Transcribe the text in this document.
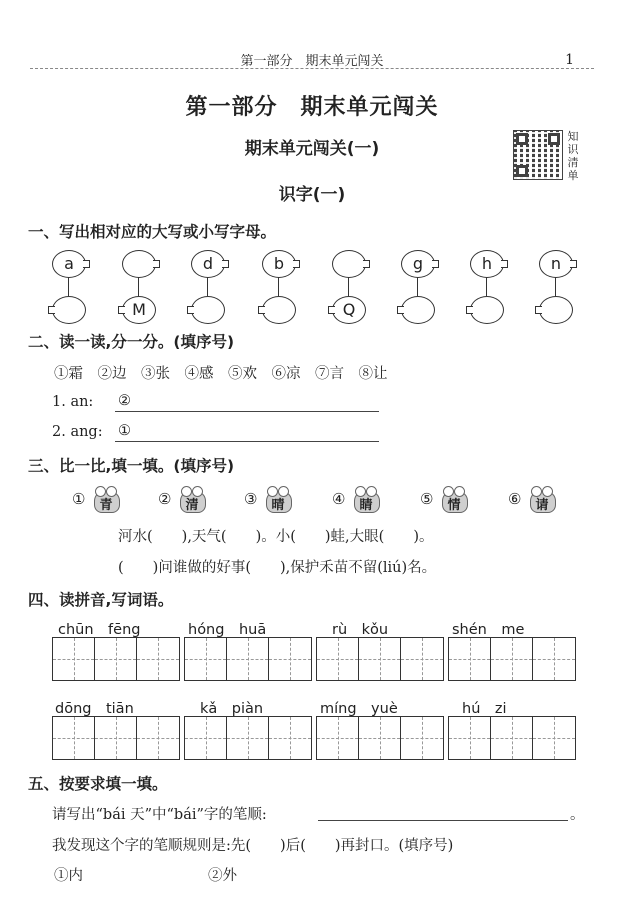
第一部分　期末单元闯关	1
第一部分　期末单元闯关
期末单元闯关(一)
识字(一)
知
识
清
单
一、写出相对应的大写或小写字母。
a	d	b	g	h	n
M	Q
二、读一读,分一分。(填序号)
①霜　②边　③张　④感　⑤欢　⑥凉　⑦言　⑧让
1. an: ②
2. ang: ①
三、比一比,填一填。(填序号)
①	青	②	清	③	晴	④	睛	⑤	情	⑥	请
河水(　　),天气(　　)。小(　　)蛙,大眼(　　)。
(　　)问谁做的好事(　　),保护禾苗不留(liú)名。
四、读拼音,写词语。
chūn　fēng	hóng　huā	rù　kǒu	shén　me
dōng　tiān	kǎ　piàn	míng　yuè	hú　zi
五、按要求填一填。
请写出“bái 天”中“bái”字的笔顺:	。
我发现这个字的笔顺规则是:先(　　)后(　　)再封口。(填序号)
①内	②外
